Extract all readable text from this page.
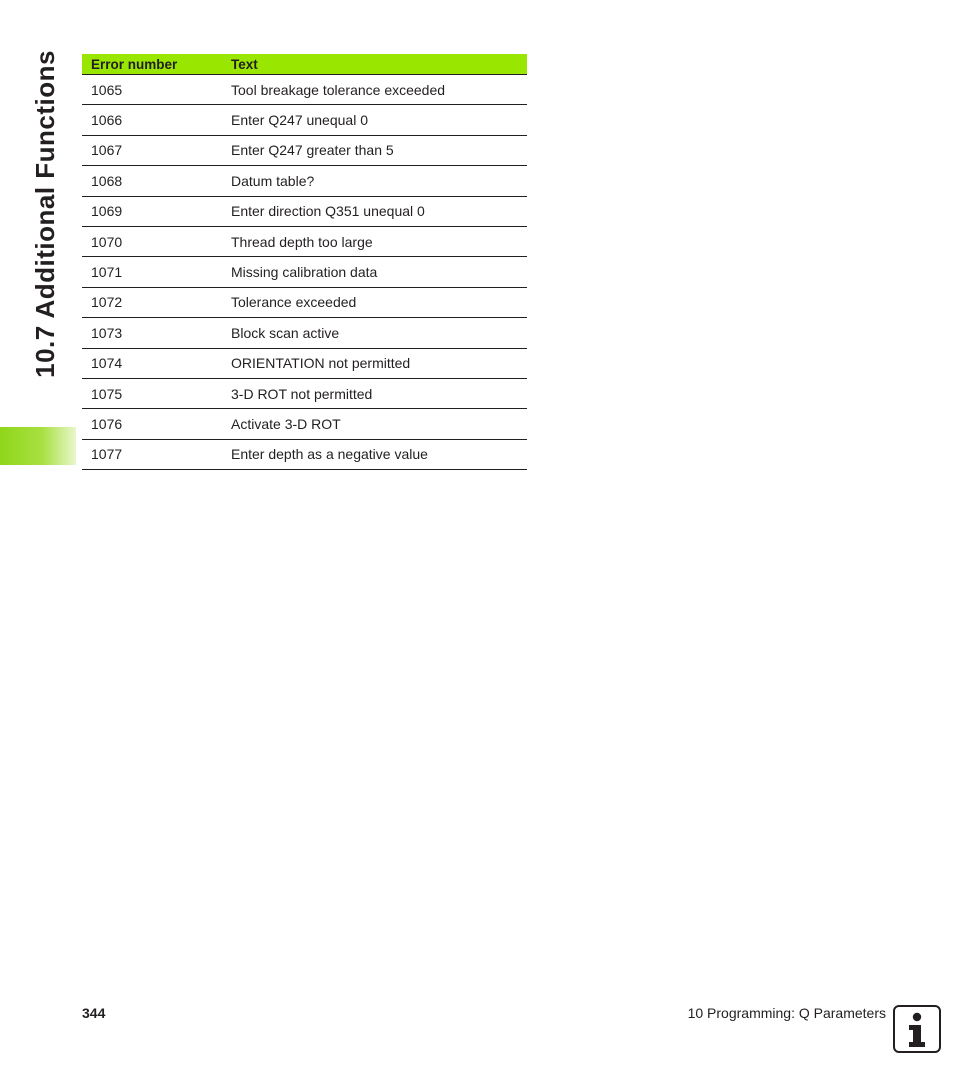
10.7 Additional Functions Error number	Text
1065	Tool breakage tolerance exceeded
1066	Enter Q247 unequal 0
1067	Enter Q247 greater than 5
1068	Datum table?
1069	Enter direction Q351 unequal 0
1070	Thread depth too large
1071	Missing calibration data
1072	Tolerance exceeded
1073	Block scan active
1074	ORIENTATION not permitted
1075	3-D ROT not permitted
1076	Activate 3-D ROT
1077	Enter depth as a negative value
344	10 Programming: Q Parameters
